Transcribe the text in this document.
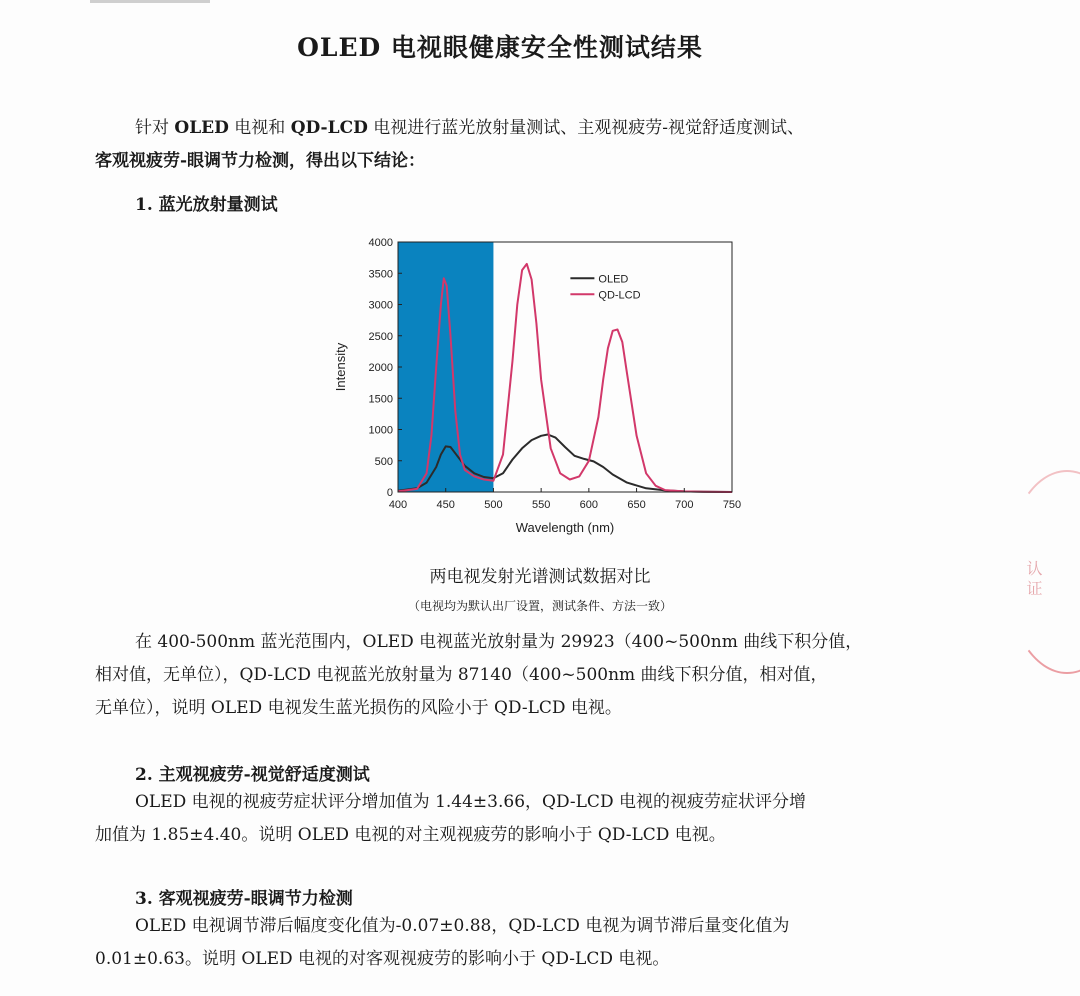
OLED 电视眼健康安全性测试结果
针对 OLED 电视和 QD-LCD 电视进行蓝光放射量测试、主观视疲劳-视觉舒适度测试、
客观视疲劳-眼调节力检测，得出以下结论：
1. 蓝光放射量测试
400	450	500	550	600	650	700	750
0
500
1000
1500
2000
2500
3000
3500
4000
Wavelength (nm)
Intensity
OLED
QD-LCD
两电视发射光谱测试数据对比
（电视均为默认出厂设置，测试条件、方法一致）
在 400-500nm 蓝光范围内，OLED 电视蓝光放射量为 29923（400~500nm 曲线下积分值，
相对值，无单位），QD-LCD 电视蓝光放射量为 87140（400~500nm 曲线下积分值，相对值，
无单位），说明 OLED 电视发生蓝光损伤的风险小于 QD-LCD 电视。
2. 主观视疲劳-视觉舒适度测试
OLED 电视的视疲劳症状评分增加值为 1.44±3.66，QD-LCD 电视的视疲劳症状评分增
加值为 1.85±4.40。说明 OLED 电视的对主观视疲劳的影响小于 QD-LCD 电视。
3. 客观视疲劳-眼调节力检测
OLED 电视调节滞后幅度变化值为-0.07±0.88，QD-LCD 电视为调节滞后量变化值为
0.01±0.63。说明 OLED 电视的对客观视疲劳的影响小于 QD-LCD 电视。
认证
